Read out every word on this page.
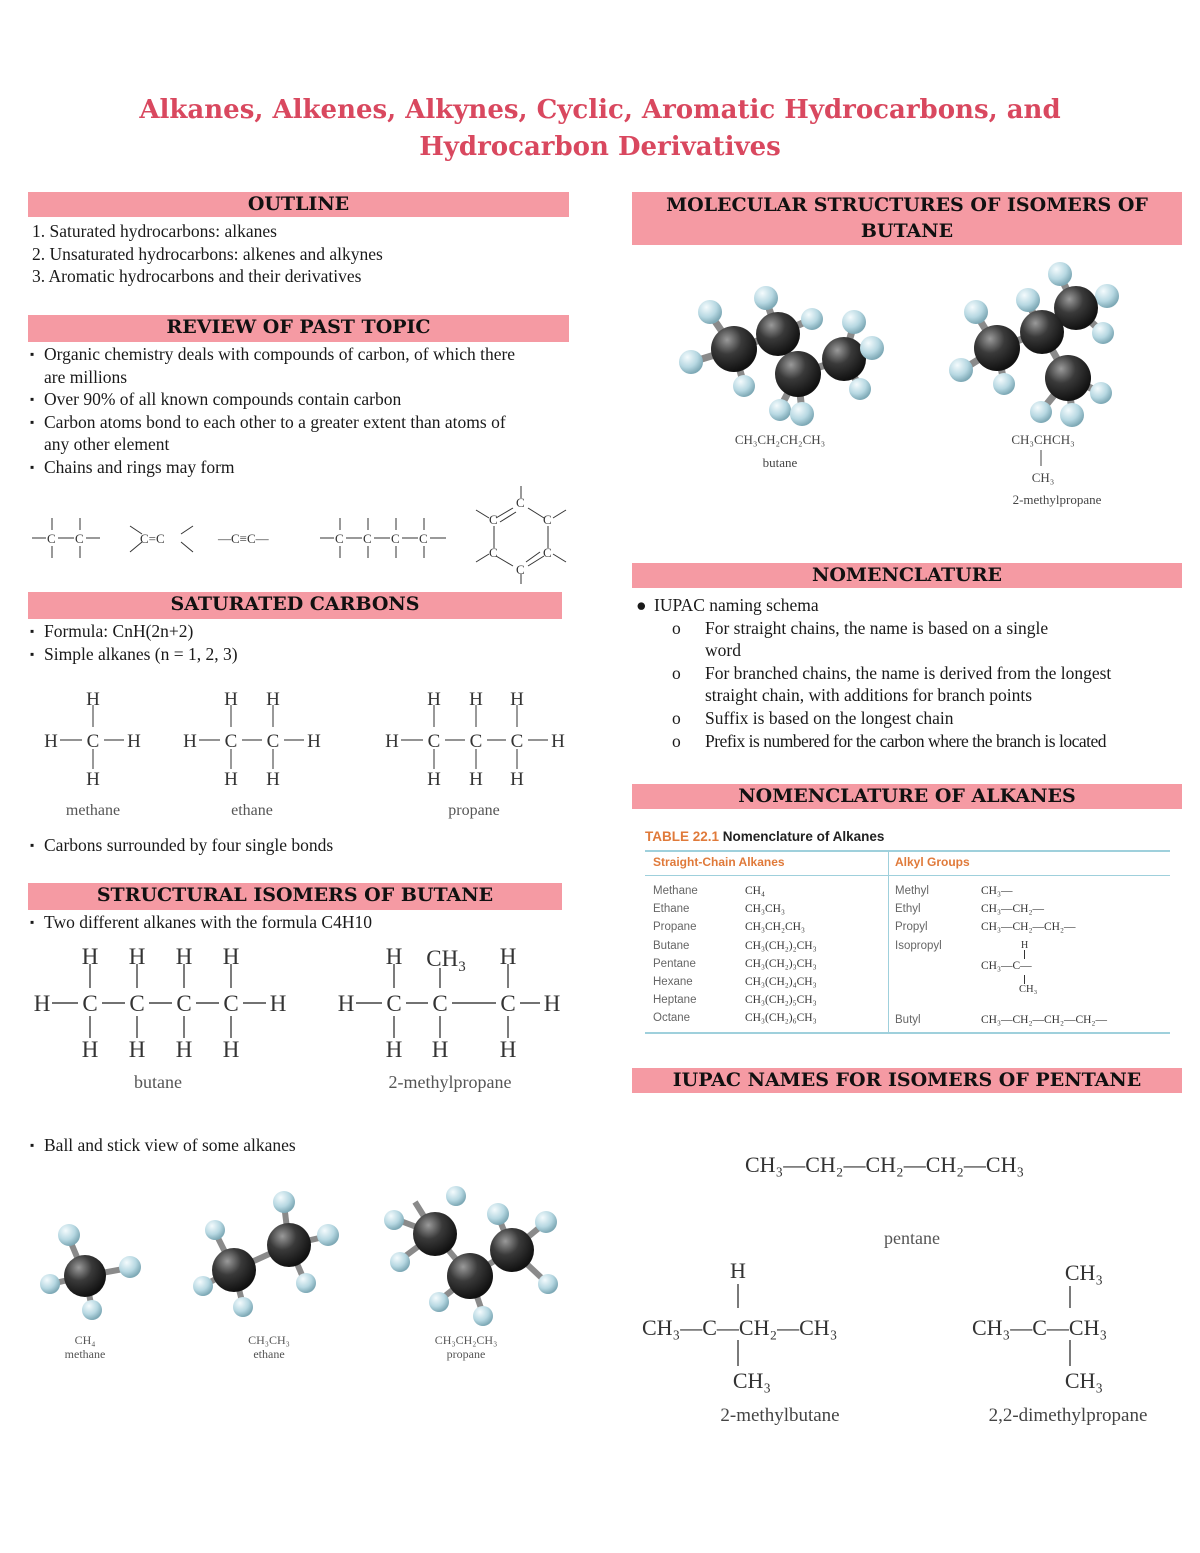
Alkanes, Alkenes, Alkynes, Cyclic, Aromatic Hydrocarbons, and
Hydrocarbon Derivatives
OUTLINE
1. Saturated hydrocarbons: alkanes
2. Unsaturated hydrocarbons: alkenes and alkynes
3. Aromatic hydrocarbons and their derivatives
REVIEW OF PAST TOPIC
▪ Organic chemistry deals with compounds of carbon, of which there
are millions
▪ Over 90% of all known compounds contain carbon
▪ Carbon atoms bond to each other to a greater extent than atoms of
any other element
▪ Chains and rings may form
C C	C=C	—C≡C—	C C C C
C
C	C
C	C
C
SATURATED CARBONS
▪ Formula: CnH(2n+2)
▪ Simple alkanes (n = 1, 2, 3)
H
H C H
H
H H
H C C H
H H
H H H
H C C C H
H H H
methane	ethane	propane
▪ Carbons surrounded by four single bonds
STRUCTURAL ISOMERS OF BUTANE
▪ Two different alkanes with the formula C4H10
H H H H
H C C C C H
H H H H
H $CH_3$ H
H C C C H
H H H
butane	2-methylpropane
▪ Ball and stick view of some alkanes
CH₄
methane
CH₃CH₃
ethane
CH₃CH₂CH₃
propane
MOLECULAR STRUCTURES OF ISOMERS OF
BUTANE
CH₃CH₂CH₂CH₃
butane
CH₃CHCH₃
CH₃
2-methylpropane
NOMENCLATURE
● IUPAC naming schema
o For straight chains, the name is based on a single
word
o For branched chains, the name is derived from the longest
straight chain, with additions for branch points
o Suffix is based on the longest chain
o Prefix is numbered for the carbon where the branch is located
NOMENCLATURE OF ALKANES
TABLE 22.1 Nomenclature of Alkanes
Straight-Chain Alkanes	Alkyl Groups
Methane	CH₄
Ethane	CH₃CH₃
Propane	CH₃CH₂CH₃
Butane	CH₃(CH₂)₂CH₃
Pentane	CH₃(CH₂)₃CH₃
Hexane	CH₃(CH₂)₄CH₃
Heptane	CH₃(CH₂)₅CH₃
Octane	CH₃(CH₂)₆CH₃
Methyl	CH₃—
Ethyl	CH₃—CH₂—
Propyl	CH₃—CH₂—CH₂—
Isopropyl	H
CH₃—C—
CH₃
Butyl	CH₃—CH₂—CH₂—CH₂—
IUPAC NAMES FOR ISOMERS OF PENTANE
CH₃—CH₂—CH₂—CH₂—CH₃
pentane
H
CH₃—C—CH₂—CH₃
CH₃
2-methylbutane
CH₃
CH₃—C—CH₃
CH₃
2,2-dimethylpropane
